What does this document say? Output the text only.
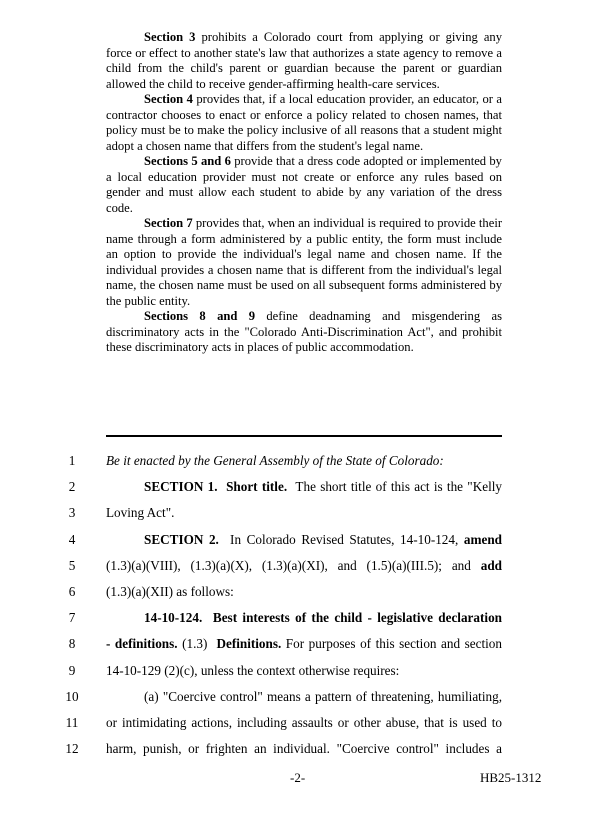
Section 3 prohibits a Colorado court from applying or giving any force or effect to another state's law that authorizes a state agency to remove a child from the child's parent or guardian because the parent or guardian allowed the child to receive gender-affirming health-care services.

Section 4 provides that, if a local education provider, an educator, or a contractor chooses to enact or enforce a policy related to chosen names, that policy must be to make the policy inclusive of all reasons that a student might adopt a chosen name that differs from the student's legal name.

Sections 5 and 6 provide that a dress code adopted or implemented by a local education provider must not create or enforce any rules based on gender and must allow each student to abide by any variation of the dress code.

Section 7 provides that, when an individual is required to provide their name through a form administered by a public entity, the form must include an option to provide the individual's legal name and chosen name. If the individual provides a chosen name that is different from the individual's legal name, the chosen name must be used on all subsequent forms administered by the public entity.

Sections 8 and 9 define deadnaming and misgendering as discriminatory acts in the "Colorado Anti-Discrimination Act", and prohibit these discriminatory acts in places of public accommodation.

1	Be it enacted by the General Assembly of the State of Colorado:
2	SECTION 1.  Short title.  The short title of this act is the "Kelly
3	Loving Act".
4	SECTION 2.  In Colorado Revised Statutes, 14-10-124, amend
5	(1.3)(a)(VIII), (1.3)(a)(X), (1.3)(a)(XI), and (1.5)(a)(III.5); and add
6	(1.3)(a)(XII) as follows:
7	14-10-124.  Best interests of the child - legislative declaration
8	- definitions. (1.3)  Definitions. For purposes of this section and section
9	14-10-129 (2)(c), unless the context otherwise requires:
10	(a) "Coercive control" means a pattern of threatening, humiliating,
11 or intimidating actions, including assaults or other abuse, that is used to
12 harm, punish, or frighten an individual. "Coercive control" includes a
-2-	HB25-1312
